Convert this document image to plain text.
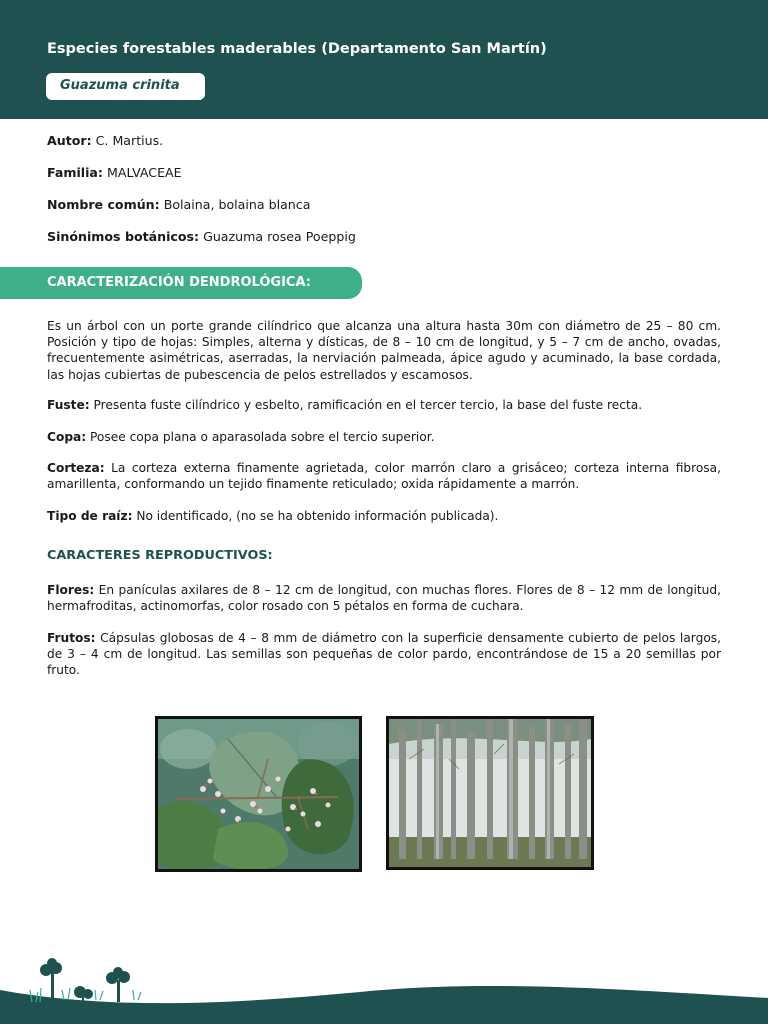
Especies forestables maderables (Departamento San Martín)
Guazuma crinita
Autor: C. Martius.
Familia: MALVACEAE
Nombre común: Bolaina, bolaina blanca
Sinónimos botánicos: Guazuma rosea Poeppig
CARACTERIZACIÓN DENDROLÓGICA:
Es un árbol con un porte grande cilíndrico que alcanza una altura hasta 30m con diámetro de 25 – 80 cm. Posición y tipo de hojas: Simples, alterna y dísticas, de 8 – 10 cm de longitud, y 5 – 7 cm de ancho, ovadas, frecuentemente asimétricas, aserradas, la nerviación palmeada, ápice agudo y acuminado, la base cordada, las hojas cubiertas de pubescencia de pelos estrellados y escamosos.
Fuste: Presenta fuste cilíndrico y esbelto, ramificación en el tercer tercio, la base del fuste recta.
Copa: Posee copa plana o aparasolada sobre el tercio superior.
Corteza: La corteza externa finamente agrietada, color marrón claro a grisáceo; corteza interna fibrosa, amarillenta, conformando un tejido finamente reticulado; oxida rápidamente a marrón.
Tipo de raíz: No identificado, (no se ha obtenido información publicada).
CARACTERES REPRODUCTIVOS:
Flores: En panículas axilares de 8 – 12 cm de longitud, con muchas flores. Flores de 8 – 12 mm de longitud, hermafroditas, actinomorfas, color rosado con 5 pétalos en forma de cuchara.
Frutos: Cápsulas globosas de 4 – 8 mm de diámetro con la superficie densamente cubierto de pelos largos, de 3 – 4 cm de longitud. Las semillas son pequeñas de color pardo, encontrándose de 15 a 20 semillas por fruto.
